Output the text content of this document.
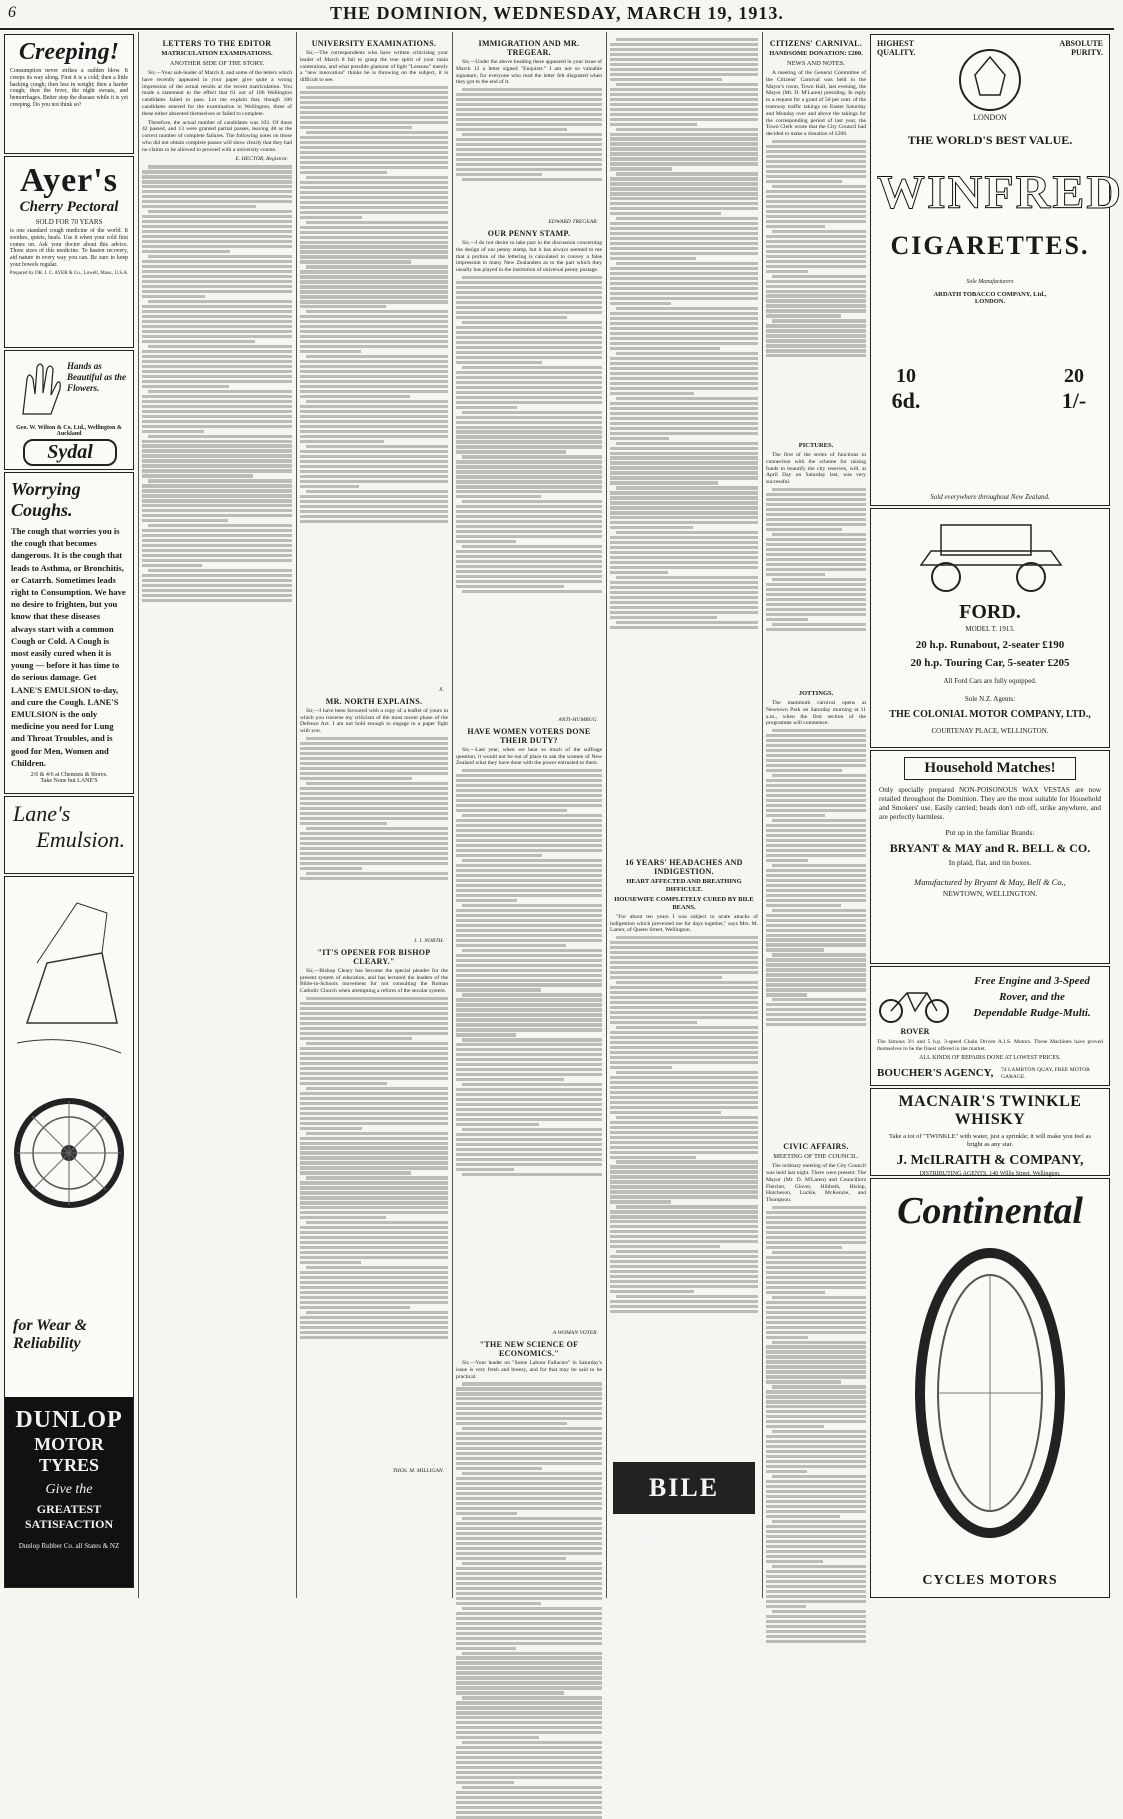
6	THE DOMINION, WEDNESDAY, MARCH 19, 1913.
Creeping!
Consumption never strikes a sudden blow. It creeps its way along. First it is a cold; then a little hacking cough; then less in weight; then a harder cough; then the fever, the night sweats, and hemorrhages. Better stop the disease while it is yet creeping. Do you not think so?
Ayer's
Cherry Pectoral
SOLD FOR 70 YEARS
is one standard cough medicine of the world. It soothes, quiets, heals. Use it when your cold first comes on. Ask your doctor about this advice. Three sizes of this medicine. To hasten recovery, aid nature in every way you can. Be sure to keep your bowels regular.
Prepared by DR. J. C. AYER & Co., Lowell, Mass., U.S.A.
Hands as Beautiful as the Flowers.
Geo. W. Wilton & Co. Ltd., Wellington & Auckland
Sydal
Worrying
Coughs.
The cough that worries you is the cough that becomes dangerous. It is the cough that leads to Asthma, or Bronchitis, or Catarrh. Sometimes leads right to Consumption. We have no desire to frighten, but you know that these diseases always start with a common Cough or Cold. A Cough is most easily cured when it is young — before it has time to do serious damage. Get LANE'S EMULSION to-day, and cure the Cough. LANE'S EMULSION is the only medicine you need for Lung and Throat Troubles, and is good for Men, Women and Children.
2/6 & 4/6 at Chemists & Stores.
Take None but LANE'S
Lane's
Emulsion.
for Wear & Reliability
DUNLOP
MOTOR TYRES
Give the
GREATEST SATISFACTION
Dunlop Rubber Co. all States & NZ
LETTERS TO THE EDITOR
MATRICULATION EXAMINATIONS.
ANOTHER SIDE OF THE STORY.

Sir,—Your sub-leader of March 8, and some of the letters which have recently appeared in your paper give quite a wrong impression of the actual results at the recent matriculation. You made a statement to the effect that 61 out of 106 Wellington candidates failed to pass. Let me explain that, though 106 candidates entered for the examination in Wellington, three of these either absented themselves or failed to complete.

Therefore, the actual number of candidates was 103. Of these 42 passed, and 13 were granted partial passes, leaving 48 as the correct number of complete failures. The following notes on those who did not obtain complete passes will show clearly that they had no claims to be allowed to proceed with a university course.

E. HECTOR, Registrar.
UNIVERSITY EXAMINATIONS.

Sir,—The correspondents who have written criticising your leader of March 8 fail to grasp the true spirit of your main contentions, and what possible glamour of light "Lessons" merely a "new innovation" thinks he is throwing on the subject, it is difficult to see.

X.
MR. NORTH EXPLAINS.

Sir,—I have been favoured with a copy of a leaflet of yours in which you traverse my criticism of the most recent phase of the Defence Act. I am not bold enough to engage in a paper fight with you.

J. J. NORTH.
"IT'S OPENER FOR BISHOP CLEARY."

Sir,—Bishop Cleary has become the special pleader for the present system of education, and has lectured the leaders of the Bible-in-Schools movement for not consulting the Roman Catholic Church when attempting a reform of the secular system.

THOS. M. MILLIGAN.
IMMIGRATION AND MR. TREGEAR.

Sir,—Under the above heading there appeared in your issue of March 12 a letter signed "Enquirer." I am not so valuable signature, for everyone who read the letter felt disgusted when they got to the end of it.

EDWARD TREGEAR.
OUR PENNY STAMP.

Sir,—I do not desire to take part in the discussion concerning the design of our penny stamp, but it has always seemed to me that a portion of the lettering is calculated to convey a false impression to many New Zealanders as to the part which they usually has played in the institution of universal penny postage.

ANTI-HUMBUG.
HAVE WOMEN VOTERS DONE THEIR DUTY?

Sir,—Last year, when we hear so much of the suffrage question, it would not be out of place to ask the women of New Zealand what they have done with the power entrusted to them.

A WOMAN VOTER.
"THE NEW SCIENCE OF ECONOMICS."

Sir,—Your leader on "Some Labour Fallacies" in Saturday's issue is very fresh and breezy, and for that may be said to be practical.

16 YEARS' HEADACHES AND INDIGESTION.
HEART AFFECTED AND BREATHING DIFFICULT.
HOUSEWIFE COMPLETELY CURED BY BILE BEANS.

"For about ten years I was subject to acute attacks of indigestion which prevented me for days together," says Mrs. M. Lamer, of Queen Street, Wellington.

BILE BEANS
CITIZENS' CARNIVAL.
HANDSOME DONATION: £200.
NEWS AND NOTES.

A meeting of the General Committee of the Citizens' Carnival was held in the Mayor's room, Town Hall, last evening, the Mayor (Mr. D. M'Laren) presiding. In reply to a request for a grant of 50 per cent. of the tramway traffic takings on Easter Saturday and Monday over and above the takings for the corresponding period of last year, the Town Clerk wrote that the City Council had decided to make a donation of £200.

PICTURES.

The first of the series of functions in connection with the scheme for raising funds to beautify the city reserves, will, at April Day on Saturday last, was very successful.

JOTTINGS.

The mammoth carnival opens at Newtown Park on Saturday morning at 11 a.m., when the first section of the programme will commence.

CIVIC AFFAIRS.
MEETING OF THE COUNCIL.

The ordinary meeting of the City Council was held last night. There were present: The Mayor (Mr. D. M'Laren) and Councillors Fletcher, Glover, Hildreth, Hislop, Hutcheson, Luckie, McKenzie, and Thompson.

HIGHEST QUALITY.
ABSOLUTE PURITY.
LONDON
THE WORLD'S BEST VALUE.
WINFRED
CIGARETTES.
Sole Manufacturers
ARDATH TOBACCO COMPANY, Ltd., LONDON.
10
6d.
20
1/-
Sold everywhere throughout New Zealand.
FORD.
MODEL T. 1913.
20 h.p. Runabout, 2-seater £190
20 h.p. Touring Car, 5-seater £205
All Ford Cars are fully equipped.
Sole N.Z. Agents:
THE COLONIAL MOTOR COMPANY, LTD.,
COURTENAY PLACE, WELLINGTON.
Household Matches!
Only specially prepared NON-POISONOUS WAX VESTAS are now retailed throughout the Dominion. They are the most suitable for Household and Smokers' use. Easily carried; heads don't rub off, strike anywhere, and are perfectly harmless.
Put up in the familiar Brands:
BRYANT & MAY and R. BELL & CO.
In plaid, flat, and tin boxes.
Manufactured by Bryant & May, Bell & Co.,
NEWTOWN, WELLINGTON.
ROVER
Free Engine and 3-Speed
Rover, and the
Dependable Rudge-Multi.
The famous 3½ and 5 h.p. 3-speed Chain Driven A.J.S. Motors. These Machines have proved themselves to be the finest offered in the market.
ALL KINDS OF REPAIRS DONE AT LOWEST PRICES.
BOUCHER'S AGENCY,	74 LAMBTON QUAY, FREE MOTOR GARAGE.
MACNAIR'S TWINKLE WHISKY
Take a tot of "TWINKLE" with water, just a sprinkle; it will make you feel as bright as any star.
J. McILRAITH & COMPANY,
DISTRIBUTING AGENTS, 140 Willis Street, Wellington.
Continental
CYCLES MOTORS
